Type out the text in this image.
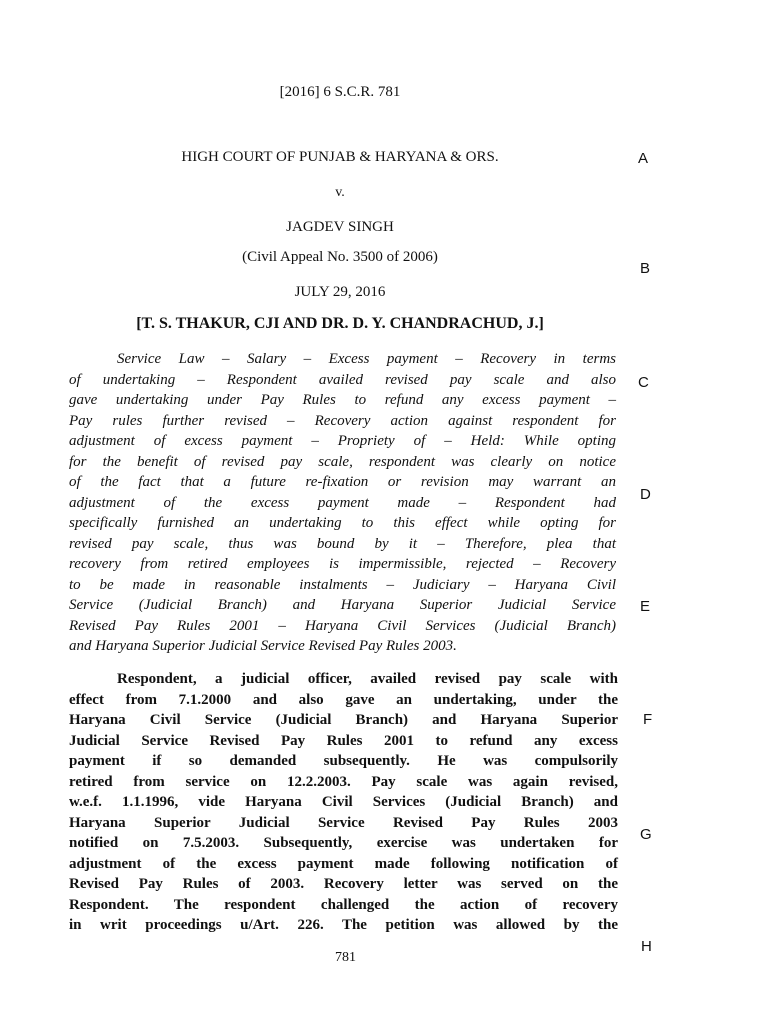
[2016] 6 S.C.R. 781
HIGH COURT OF PUNJAB & HARYANA & ORS.
v.
JAGDEV SINGH
(Civil Appeal No. 3500 of 2006)
JULY 29, 2016
[T. S. THAKUR, CJI AND DR. D. Y. CHANDRACHUD, J.]

Service Law – Salary – Excess payment – Recovery in terms
of undertaking – Respondent availed revised pay scale and also
gave undertaking under Pay Rules to refund any excess payment –
Pay rules further revised – Recovery action against respondent for
adjustment of excess payment – Propriety of – Held: While opting
for the benefit of revised pay scale, respondent was clearly on notice
of the fact that a future re-fixation or revision may warrant an
adjustment of the excess payment made – Respondent had
specifically furnished an undertaking to this effect while opting for
revised pay scale, thus was bound by it – Therefore, plea that
recovery from retired employees is impermissible, rejected – Recovery
to be made in reasonable instalments – Judiciary – Haryana Civil
Service (Judicial Branch) and Haryana Superior Judicial Service
Revised Pay Rules 2001 – Haryana Civil Services (Judicial Branch)
and Haryana Superior Judicial Service Revised Pay Rules 2003.

Respondent, a judicial officer, availed revised pay scale with
effect from 7.1.2000 and also gave an undertaking, under the
Haryana Civil Service (Judicial Branch) and Haryana Superior
Judicial Service Revised Pay Rules 2001 to refund any excess
payment if so demanded subsequently. He was compulsorily
retired from service on 12.2.2003. Pay scale was again revised,
w.e.f. 1.1.1996, vide Haryana Civil Services (Judicial Branch) and
Haryana Superior Judicial Service Revised Pay Rules 2003
notified on 7.5.2003. Subsequently, exercise was undertaken for
adjustment of the excess payment made following notification of
Revised Pay Rules of 2003. Recovery letter was served on the
Respondent. The respondent challenged the action of recovery
in writ proceedings u/Art. 226. The petition was allowed by the

A
B
C
D
E
F
G
H
781
